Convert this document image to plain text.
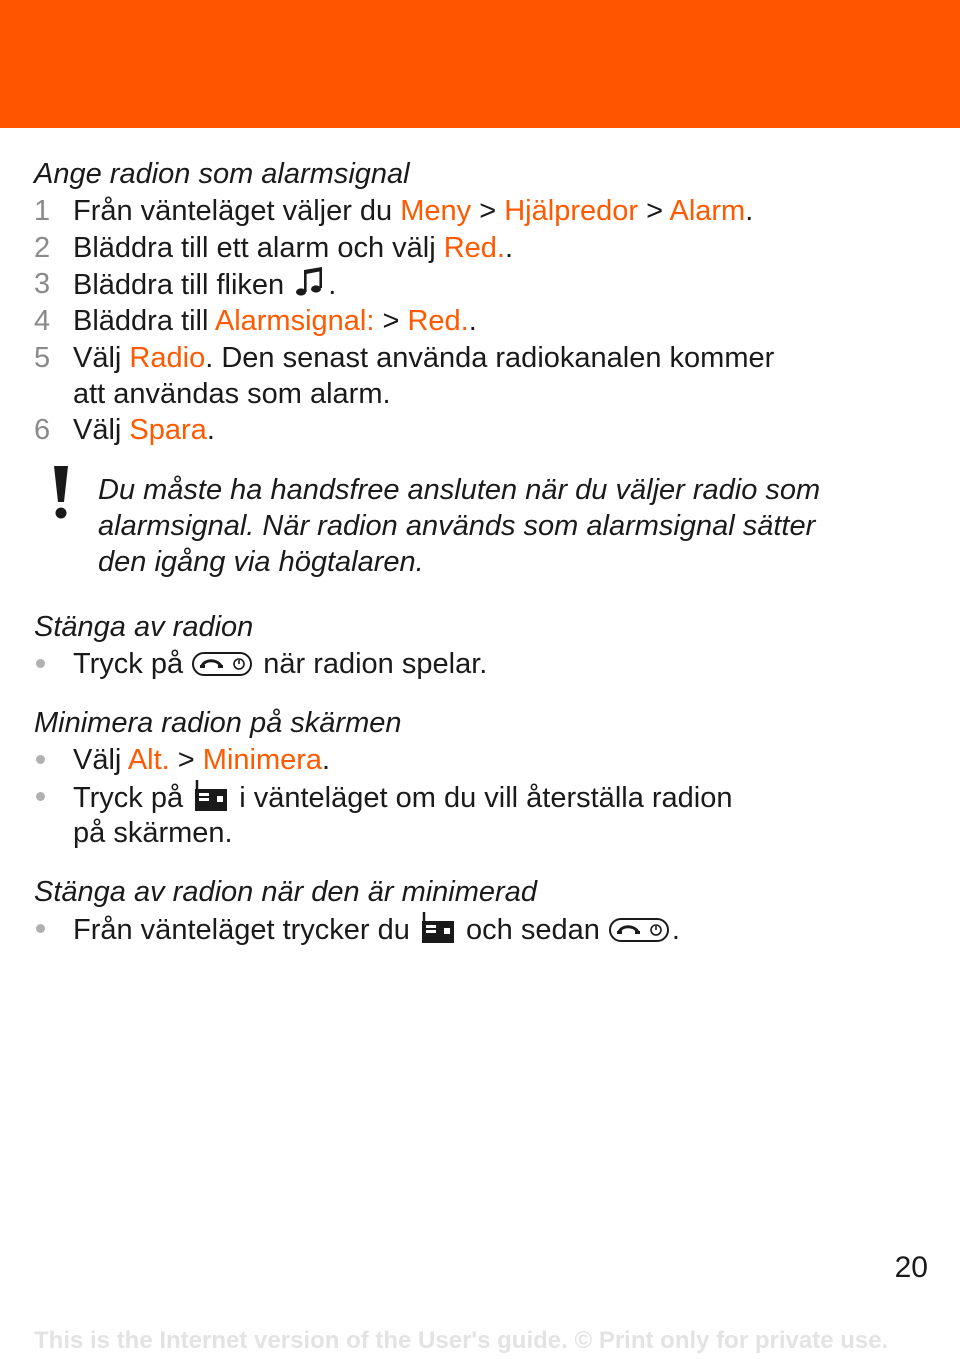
Ange radion som alarmsignal
1 Från vänteläget väljer du Meny > Hjälpredor > Alarm.
2 Bläddra till ett alarm och välj Red..
3 Bläddra till fliken .
4 Bläddra till Alarmsignal: > Red..
5 Välj Radio. Den senast använda radiokanalen kommer
att användas som alarm.
6 Välj Spara.
Du måste ha handsfree ansluten när du väljer radio som
alarmsignal. När radion används som alarmsignal sätter
den igång via högtalaren.
Stänga av radion
Tryck på  när radion spelar.
Minimera radion på skärmen
Välj Alt. > Minimera.
Tryck på  i vänteläget om du vill återställa radion
på skärmen.
Stänga av radion när den är minimerad
Från vänteläget trycker du  och sedan .
20
This is the Internet version of the User's guide. © Print only for private use.
